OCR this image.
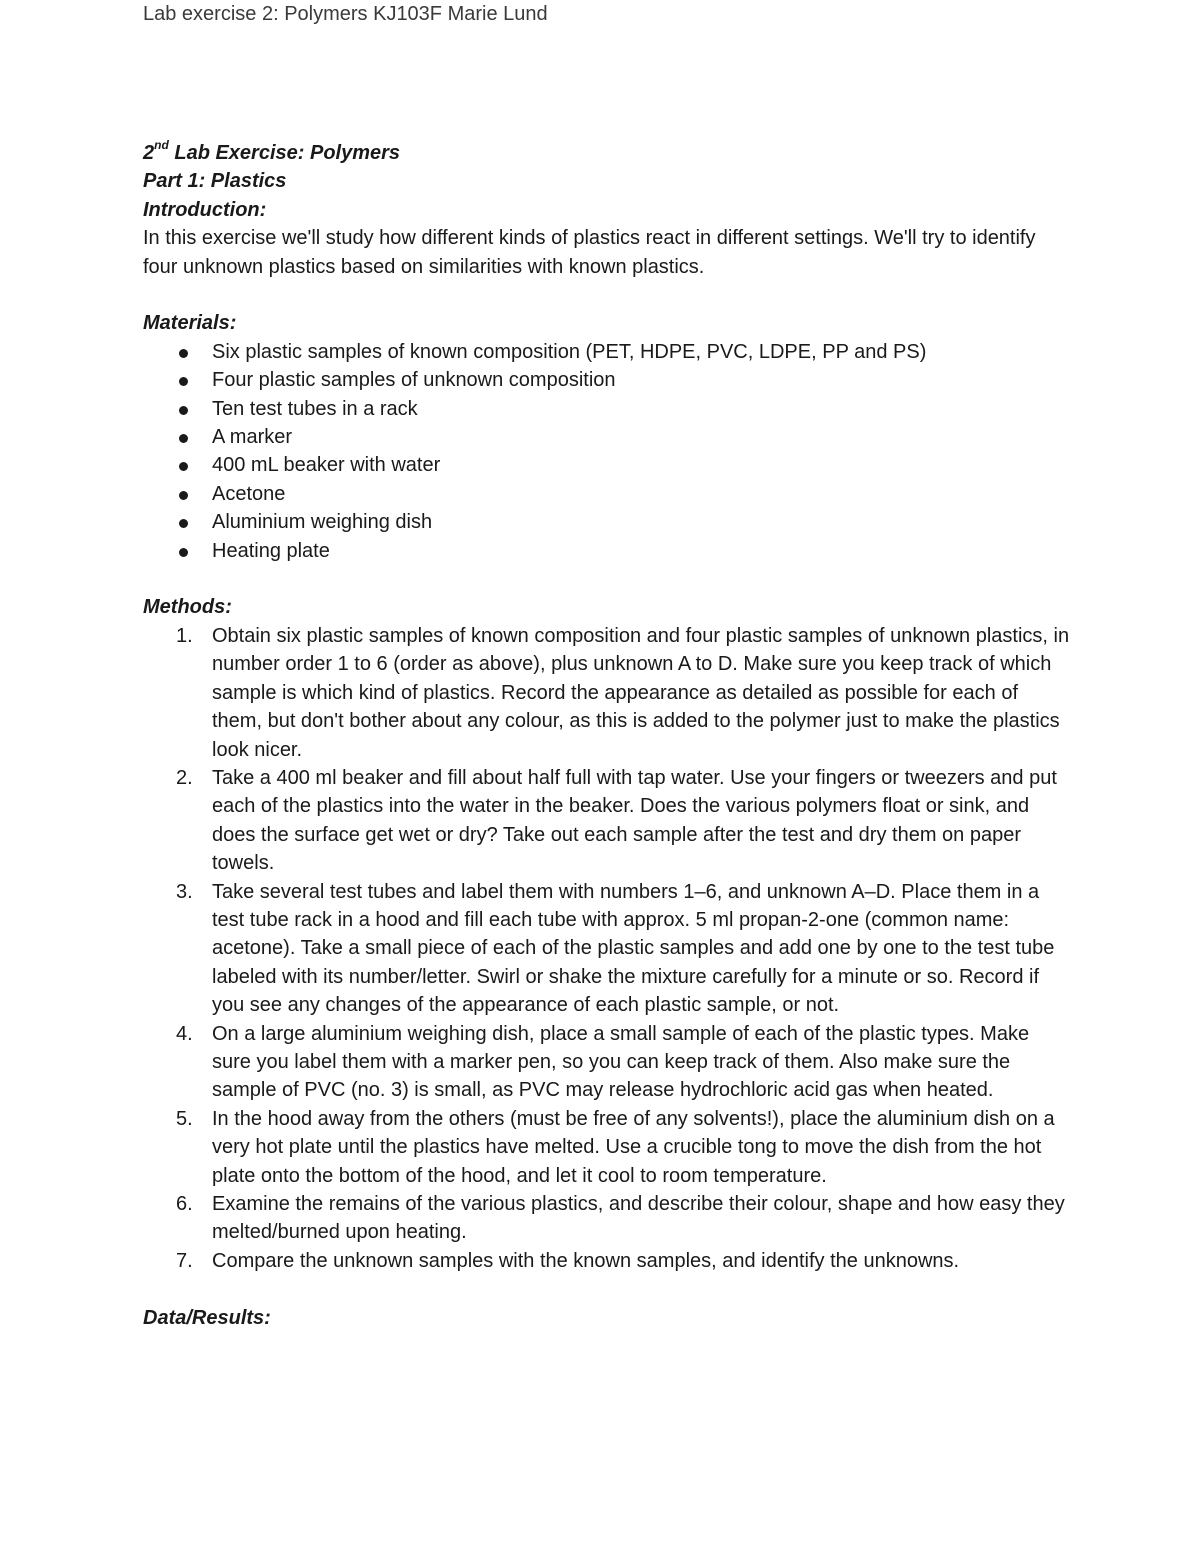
Lab exercise 2: Polymers KJ103F Marie Lund

2nd Lab Exercise: Polymers

Part 1: Plastics

Introduction:

In this exercise we'll study how different kinds of plastics react in different settings. We'll try to identify four unknown plastics based on similarities with known plastics.

Materials:

Six plastic samples of known composition (PET, HDPE, PVC, LDPE, PP and PS)
Four plastic samples of unknown composition
Ten test tubes in a rack
A marker
400 mL beaker with water
Acetone
Aluminium weighing dish
Heating plate

Methods:

1. Obtain six plastic samples of known composition and four plastic samples of unknown plastics, in number order 1 to 6 (order as above), plus unknown A to D. Make sure you keep track of which sample is which kind of plastics. Record the appearance as detailed as possible for each of them, but don't bother about any colour, as this is added to the polymer just to make the plastics look nicer.
2. Take a 400 ml beaker and fill about half full with tap water. Use your fingers or tweezers and put each of the plastics into the water in the beaker. Does the various polymers float or sink, and does the surface get wet or dry? Take out each sample after the test and dry them on paper towels.
3. Take several test tubes and label them with numbers 1–6, and unknown A–D. Place them in a test tube rack in a hood and fill each tube with approx. 5 ml propan-2-one (common name: acetone). Take a small piece of each of the plastic samples and add one by one to the test tube labeled with its number/letter. Swirl or shake the mixture carefully for a minute or so. Record if you see any changes of the appearance of each plastic sample, or not.
4. On a large aluminium weighing dish, place a small sample of each of the plastic types. Make sure you label them with a marker pen, so you can keep track of them. Also make sure the sample of PVC (no. 3) is small, as PVC may release hydrochloric acid gas when heated.
5. In the hood away from the others (must be free of any solvents!), place the aluminium dish on a very hot plate until the plastics have melted. Use a crucible tong to move the dish from the hot plate onto the bottom of the hood, and let it cool to room temperature.
6. Examine the remains of the various plastics, and describe their colour, shape and how easy they melted/burned upon heating.
7. Compare the unknown samples with the known samples, and identify the unknowns.

Data/Results:
